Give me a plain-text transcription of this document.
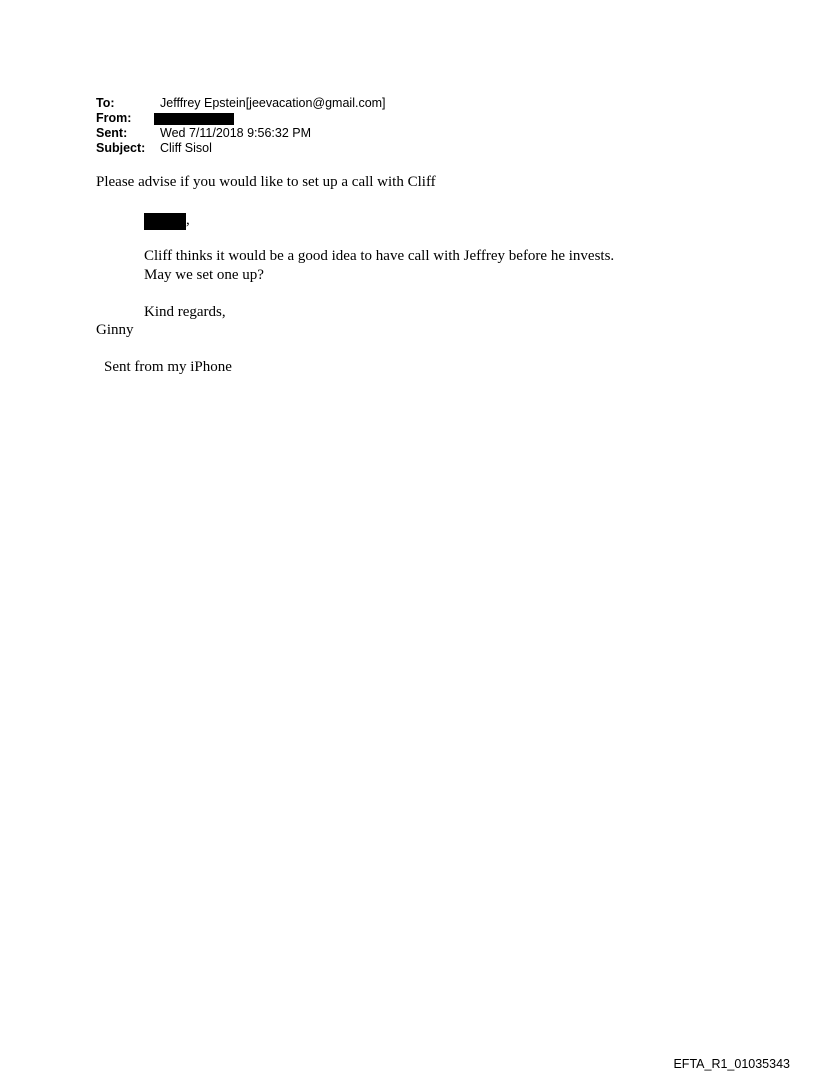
To:	Jefffrey Epstein[jeevacation@gmail.com]
From:
Sent:	Wed 7/11/2018 9:56:32 PM
Subject:	Cliff Sisol
Please advise if you would like to set up a call with Cliff
,
Cliff thinks it would be a good idea to have call with Jeffrey before he invests.
May we set one up?
Kind regards,
Ginny
Sent from my iPhone
EFTA_R1_01035343
